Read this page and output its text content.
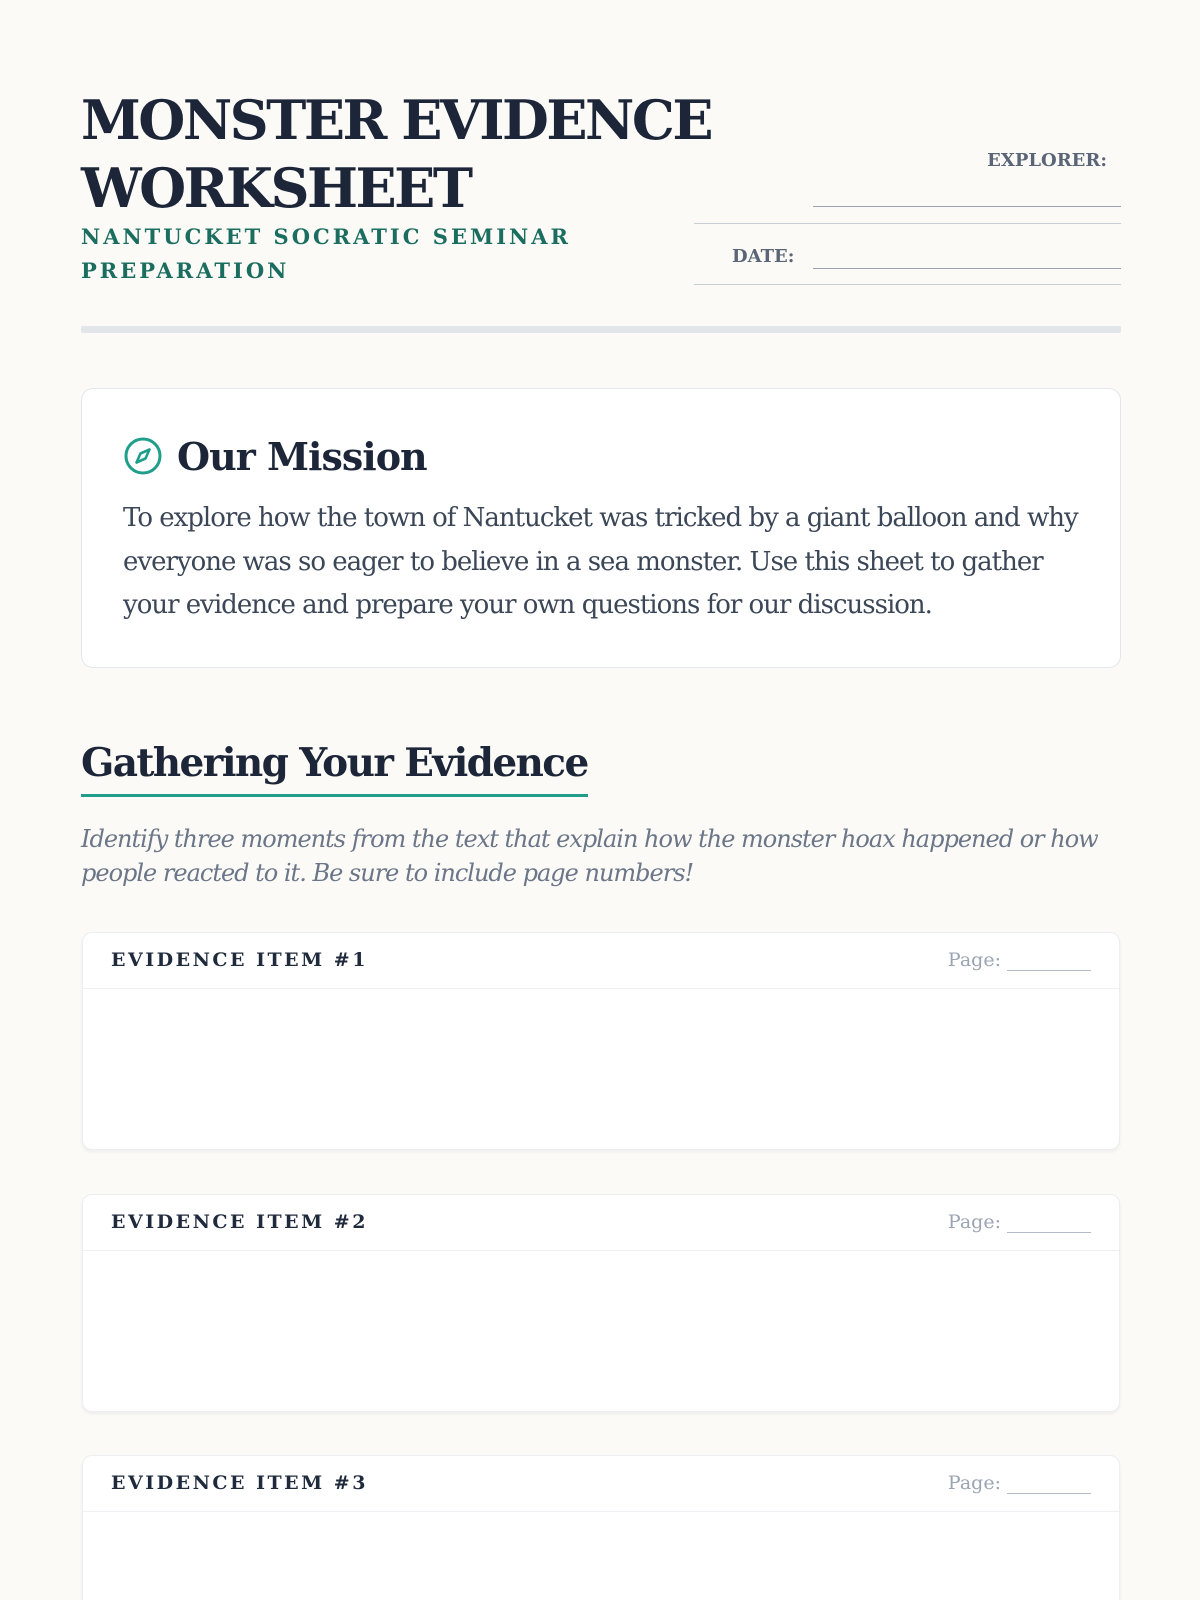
MONSTER EVIDENCE WORKSHEET
NANTUCKET SOCRATIC SEMINAR PREPARATION
EXPLORER:
DATE:
Our Mission

To explore how the town of Nantucket was tricked by a giant balloon and why everyone was so eager to believe in a sea monster. Use this sheet to gather your evidence and prepare your own questions for our discussion.

Gathering Your Evidence

Identify three moments from the text that explain how the monster hoax happened or how people reacted to it. Be sure to include page numbers!

EVIDENCE ITEM #1	Page:
EVIDENCE ITEM #2	Page:
EVIDENCE ITEM #3	Page:
